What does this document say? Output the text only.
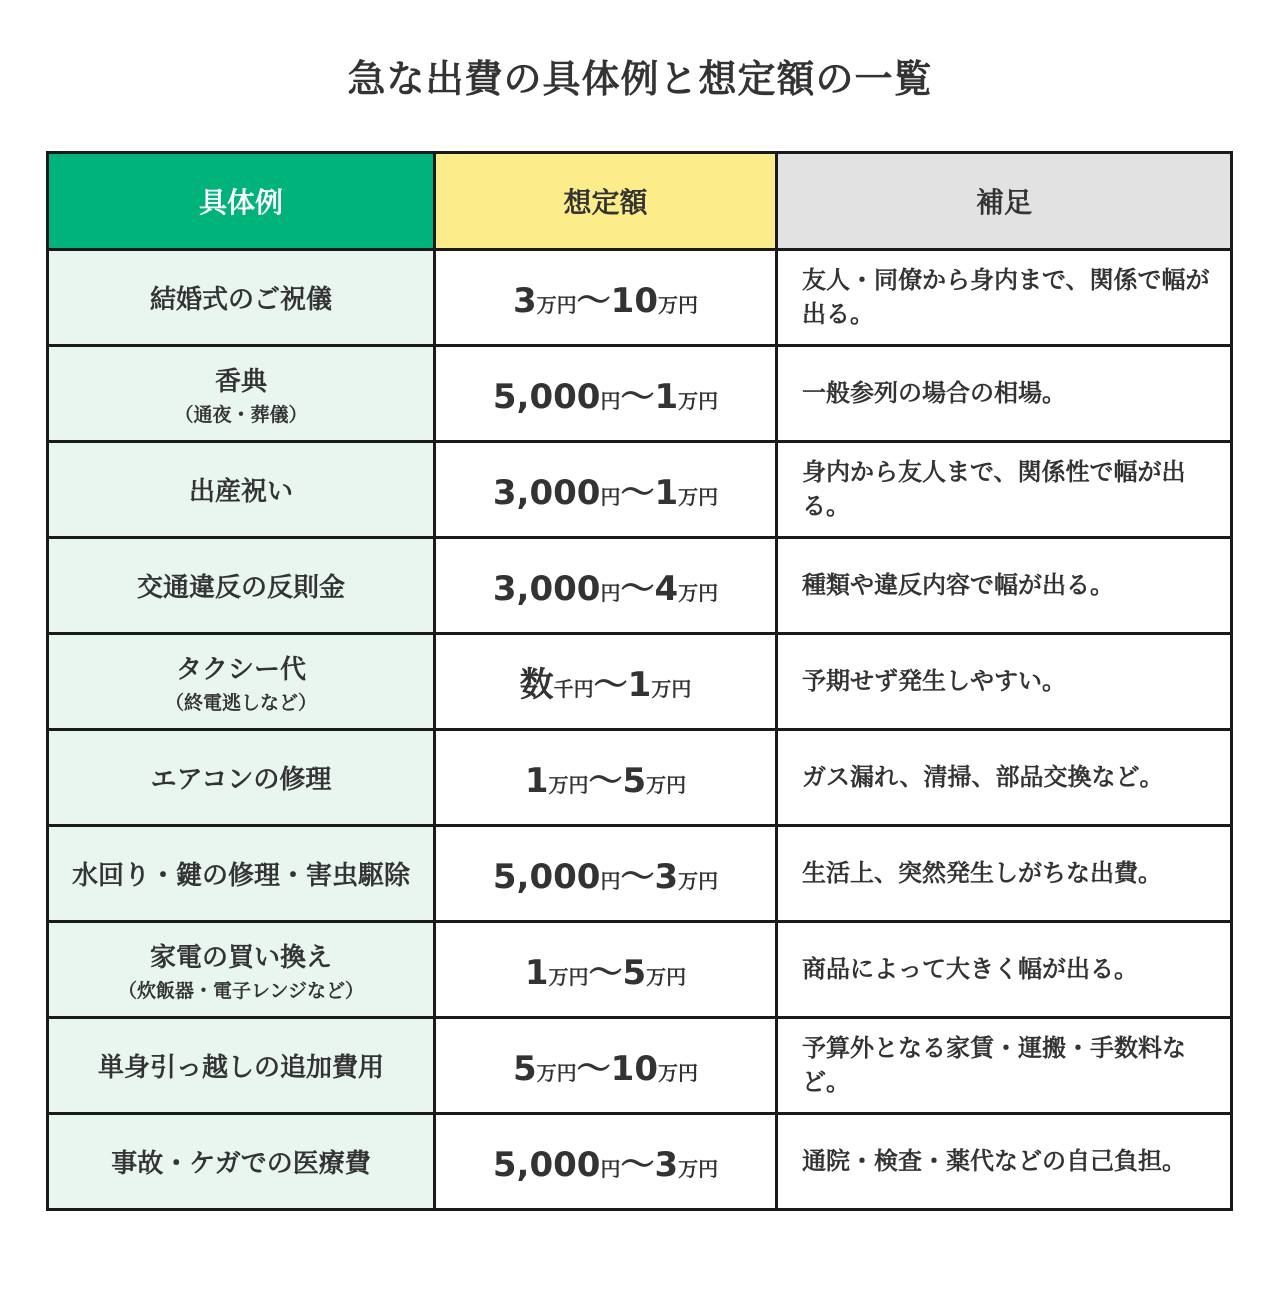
急な出費の具体例と想定額の一覧
具体例	想定額	補足
結婚式のご祝儀	3万円〜10万円	友人・同僚から身内まで、関係で幅が出る。
香典
（通夜・葬儀）	5,000円〜1万円	一般参列の場合の相場。
出産祝い	3,000円〜1万円	身内から友人まで、関係性で幅が出る。
交通違反の反則金	3,000円〜4万円	種類や違反内容で幅が出る。
タクシー代
（終電逃しなど）	数千円〜1万円	予期せず発生しやすい。
エアコンの修理	1万円〜5万円	ガス漏れ、清掃、部品交換など。
水回り・鍵の修理・害虫駆除	5,000円〜3万円	生活上、突然発生しがちな出費。
家電の買い換え
（炊飯器・電子レンジなど）	1万円〜5万円	商品によって大きく幅が出る。
単身引っ越しの追加費用	5万円〜10万円	予算外となる家賃・運搬・手数料など。
事故・ケガでの医療費	5,000円〜3万円	通院・検査・薬代などの自己負担。
